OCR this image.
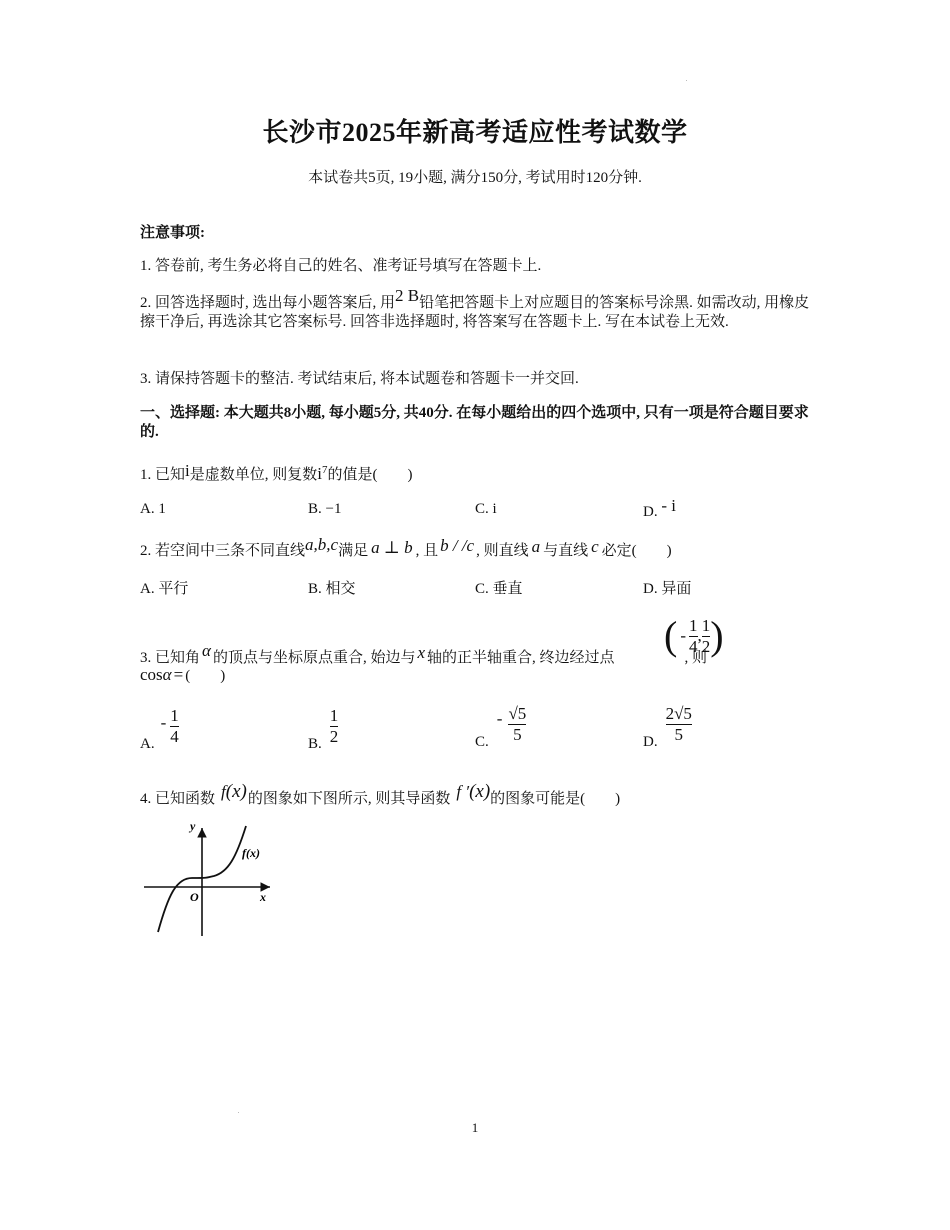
长沙市2025年新高考适应性考试数学
本试卷共5页, 19小题, 满分150分, 考试用时120分钟.
注意事项:
1. 答卷前, 考生务必将自己的姓名、准考证号填写在答题卡上.
2. 回答选择题时, 选出每小题答案后, 用2 B铅笔把答题卡上对应题目的答案标号涂黑. 如需改动, 用橡皮擦干净后, 再选涂其它答案标号. 回答非选择题时, 将答案写在答题卡上. 写在本试卷上无效.
3. 请保持答题卡的整洁. 考试结束后, 将本试题卷和答题卡一并交回.
一、选择题: 本大题共8小题, 每小题5分, 共40分. 在每小题给出的四个选项中, 只有一项是符合题目要求的.
1. 已知i是虚数单位, 则复数$i^7$的值是(　　)
A. 1	B. −1	C. i	D. - i
2. 若空间中三条不同直线a,b,c满足 a ⊥ b , 且 b / /c , 则直线 a 与直线 c 必定(　　)
A. 平行	B. 相交	C. 垂直	D. 异面
3. 已知角 α 的顶点与坐标原点重合, 始边与 x 轴的正半轴重合, 终边经过点	, 则
( - $\frac{1}{4}$ , $\frac{1}{2}$ )
cosα = (　　)
A.
- $\frac{1}{4}$	B. $\frac{1}{2}$	C.
- $\frac{√5}{5}$	D. $\frac{2√5}{5}$
4. 已知函数 f(x)的图象如下图所示, 则其导函数 f ′(x)的图象可能是(　　)
y
x
O
f(x)
1
